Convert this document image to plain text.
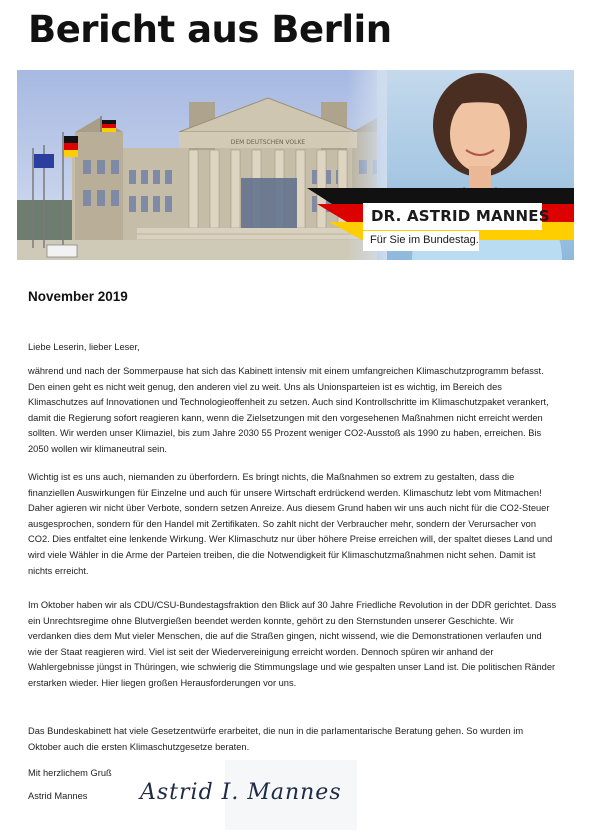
Bericht aus Berlin
DEM DEUTSCHEN VOLKE
DR. ASTRID MANNES
Für Sie im Bundestag.
November 2019

Liebe Leserin, lieber Leser,

während und nach der Sommerpause hat sich das Kabinett intensiv mit einem umfangreichen Klimaschutzprogramm befasst. Den einen geht es nicht weit genug, den anderen viel zu weit. Uns als Unionsparteien ist es wichtig, im Bereich des Klimaschutzes auf Innovationen und Technologieoffenheit zu setzen. Auch sind Kontrollschritte im Klimaschutzpaket verankert, damit die Regierung sofort reagieren kann, wenn die Zielsetzungen mit den vorgesehenen Maßnahmen nicht erreicht werden sollten. Wir werden unser Klimaziel, bis zum Jahre 2030 55 Prozent weniger CO2-Ausstoß als 1990 zu haben, erreichen. Bis 2050 wollen wir klimaneutral sein.

Wichtig ist es uns auch, niemanden zu überfordern. Es bringt nichts, die Maßnahmen so extrem zu gestalten, dass die finanziellen Auswirkungen für Einzelne und auch für unsere Wirtschaft erdrückend werden. Klimaschutz lebt vom Mitmachen! Daher agieren wir nicht über Verbote, sondern setzen Anreize. Aus diesem Grund haben wir uns auch nicht für die CO2-Steuer ausgesprochen, sondern für den Handel mit Zertifikaten. So zahlt nicht der Verbraucher mehr, sondern der Verursacher von CO2. Dies entfaltet eine lenkende Wirkung. Wer Klimaschutz nur über höhere Preise erreichen will, der spaltet dieses Land und wird viele Wähler in die Arme der Parteien treiben, die die Notwendigkeit für Klimaschutzmaßnahmen nicht sehen. Damit ist nichts erreicht.

Im Oktober haben wir als CDU/CSU-Bundestagsfraktion den Blick auf 30 Jahre Friedliche Revolution in der DDR gerichtet. Dass ein Unrechtsregime ohne Blutvergießen beendet werden konnte, gehört zu den Sternstunden unserer Geschichte. Wir verdanken dies dem Mut vieler Menschen, die auf die Straßen gingen, nicht wissend, wie die Demonstrationen verlaufen und wie der Staat reagieren wird. Viel ist seit der Wiedervereinigung erreicht worden. Dennoch spüren wir anhand der Wahlergebnisse jüngst in Thüringen, wie schwierig die Stimmungslage und wie gespalten unser Land ist. Die politischen Ränder erstarken wieder. Hier liegen großen Herausforderungen vor uns.

Das Bundeskabinett hat viele Gesetzentwürfe erarbeitet, die nun in die parlamentarische Beratung gehen. So wurden im Oktober auch die ersten Klimaschutzgesetze beraten.

Mit herzlichem Gruß

Astrid Mannes	Astrid I. Mannes
